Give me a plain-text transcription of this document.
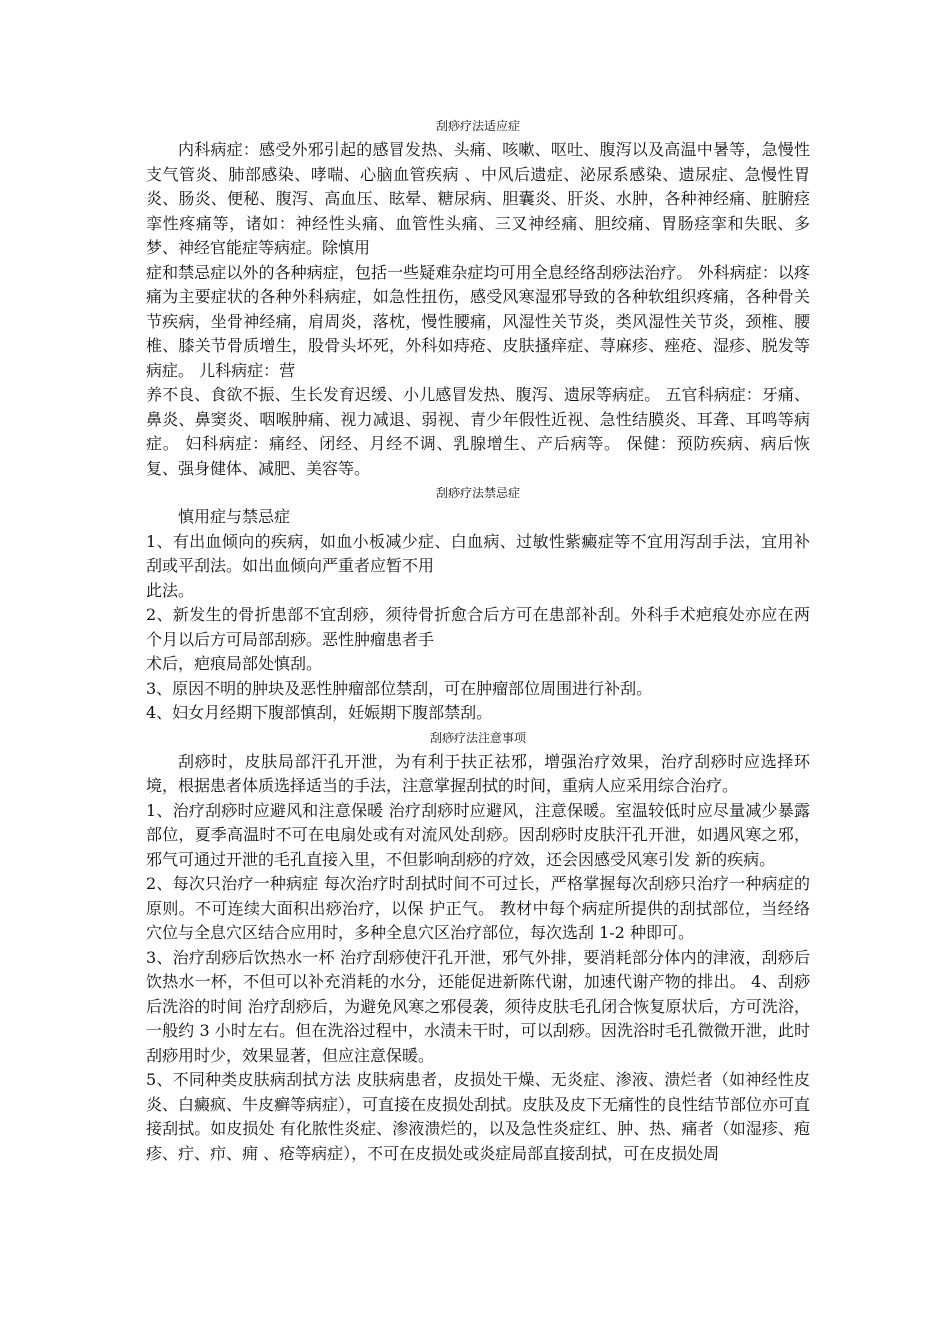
刮痧疗法适应症

内科病症：感受外邪引起的感冒发热、头痛、咳嗽、呕吐、腹泻以及高温中暑等，急慢性支气管炎、肺部感染、哮喘、心脑血管疾病 、中风后遗症、泌尿系感染、遗尿症、急慢性胃炎、肠炎、便秘、腹泻、高血压、眩晕、糖尿病、胆囊炎、肝炎、水肿，各种神经痛、脏腑痉挛性疼痛等，诸如：神经性头痛、血管性头痛、三叉神经痛、胆绞痛、胃肠痉挛和失眠、多梦、神经官能症等病症。除慎用

症和禁忌症以外的各种病症，包括一些疑难杂症均可用全息经络刮痧法治疗。 外科病症：以疼痛为主要症状的各种外科病症，如急性扭伤，感受风寒湿邪导致的各种软组织疼痛，各种骨关节疾病，坐骨神经痛，肩周炎，落枕，慢性腰痛，风湿性关节炎，类风湿性关节炎，颈椎、腰椎、膝关节骨质增生，股骨头坏死，外科如痔疮、皮肤搔痒症、荨麻疹、痤疮、湿疹、脱发等病症。 儿科病症：营

养不良、食欲不振、生长发育迟缓、小儿感冒发热、腹泻、遗尿等病症。 五官科病症：牙痛、鼻炎、鼻窦炎、咽喉肿痛、视力减退、弱视、青少年假性近视、急性结膜炎、耳聋、耳鸣等病症。 妇科病症：痛经、闭经、月经不调、乳腺增生、产后病等。 保健：预防疾病、病后恢复、强身健体、减肥、美容等。

刮痧疗法禁忌症

慎用症与禁忌症

1、有出血倾向的疾病，如血小板减少症、白血病、过敏性紫癜症等不宜用泻刮手法，宜用补刮或平刮法。如出血倾向严重者应暂不用

此法。

2、新发生的骨折患部不宜刮痧，须待骨折愈合后方可在患部补刮。外科手术疤痕处亦应在两个月以后方可局部刮痧。恶性肿瘤患者手

术后，疤痕局部处慎刮。

3、原因不明的肿块及恶性肿瘤部位禁刮，可在肿瘤部位周围进行补刮。

4、妇女月经期下腹部慎刮，妊娠期下腹部禁刮。

刮痧疗法注意事项

刮痧时，皮肤局部汗孔开泄，为有利于扶正祛邪，增强治疗效果，治疗刮痧时应选择环境，根据患者体质选择适当的手法，注意掌握刮拭的时间，重病人应采用综合治疗。

1、治疗刮痧时应避风和注意保暖 治疗刮痧时应避风，注意保暖。室温较低时应尽量减少暴露部位，夏季高温时不可在电扇处或有对流风处刮痧。因刮痧时皮肤汗孔开泄，如遇风寒之邪，邪气可通过开泄的毛孔直接入里，不但影响刮痧的疗效，还会因感受风寒引发 新的疾病。

2、每次只治疗一种病症 每次治疗时刮拭时间不可过长，严格掌握每次刮痧只治疗一种病症的原则。不可连续大面积出痧治疗，以保 护正气。 教材中每个病症所提供的刮拭部位，当经络穴位与全息穴区结合应用时，多种全息穴区治疗部位，每次选刮 1-2 种即可。

3、治疗刮痧后饮热水一杯 治疗刮痧使汗孔开泄，邪气外排，要消耗部分体内的津液，刮痧后饮热水一杯，不但可以补充消耗的水分，还能促进新陈代谢，加速代谢产物的排出。 4、刮痧后洗浴的时间 治疗刮痧后，为避免风寒之邪侵袭，须待皮肤毛孔闭合恢复原状后，方可洗浴，一般约 3 小时左右。但在洗浴过程中，水渍未干时，可以刮痧。因洗浴时毛孔微微开泄，此时刮痧用时少，效果显著，但应注意保暖。

5、不同种类皮肤病刮拭方法 皮肤病患者，皮损处干燥、无炎症、渗液、溃烂者（如神经性皮炎、白癜疯、牛皮癣等病症），可直接在皮损处刮拭。皮肤及皮下无痛性的良性结节部位亦可直接刮拭。如皮损处 有化脓性炎症、渗液溃烂的，以及急性炎症红、肿、热、痛者（如湿疹、疱疹、疔、疖、痈 、疮等病症），不可在皮损处或炎症局部直接刮拭，可在皮损处周
